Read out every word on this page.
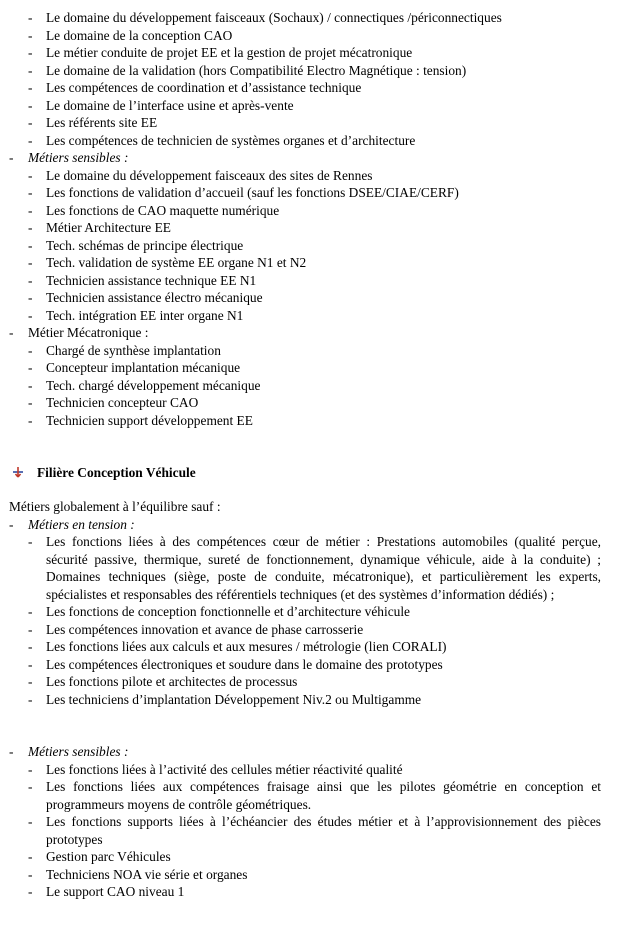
- Le domaine du développement faisceaux (Sochaux) / connectiques /périconnectiques
- Le domaine de la conception CAO
- Le métier conduite de projet EE et la gestion de projet mécatronique
- Le domaine de la validation (hors Compatibilité Electro Magnétique : tension)
- Les compétences de coordination et d’assistance technique
- Le domaine de l’interface usine et après-vente
- Les référents site EE
- Les compétences de technicien de systèmes organes et d’architecture
- Métiers sensibles :
- Le domaine du développement faisceaux des sites de Rennes
- Les fonctions de validation d’accueil (sauf les fonctions DSEE/CIAE/CERF)
- Les fonctions de CAO maquette numérique
- Métier Architecture EE
- Tech. schémas de principe électrique
- Tech. validation de système EE organe N1 et N2
- Technicien assistance technique EE N1
- Technicien assistance électro mécanique
- Tech. intégration EE inter organe N1
- Métier Mécatronique :
- Chargé de synthèse implantation
- Concepteur implantation mécanique
- Tech. chargé développement mécanique
- Technicien concepteur CAO
- Technicien support développement EE
Filière Conception Véhicule
Métiers globalement à l’équilibre sauf :
- Métiers en tension :
- Les fonctions liées à des compétences cœur de métier : Prestations automobiles (qualité perçue, sécurité passive, thermique, sureté de fonctionnement, dynamique véhicule, aide à la conduite) ; Domaines techniques (siège, poste de conduite, mécatronique), et particulièrement les experts, spécialistes et responsables des référentiels techniques (et des systèmes d’information dédiés) ;
- Les fonctions de conception fonctionnelle et d’architecture véhicule
- Les compétences innovation et avance de phase carrosserie
- Les fonctions liées aux calculs et aux mesures / métrologie (lien CORALI)
- Les compétences électroniques et soudure dans le domaine des prototypes
- Les fonctions pilote et architectes de processus
- Les techniciens d’implantation Développement Niv.2 ou Multigamme
- Métiers sensibles :
- Les fonctions liées à l’activité des cellules métier réactivité qualité
- Les fonctions liées aux compétences fraisage ainsi que les pilotes géométrie en conception et programmeurs moyens de contrôle géométriques.
- Les fonctions supports liées à l’échéancier des études métier et à l’approvisionnement des pièces prototypes
- Gestion parc Véhicules
- Techniciens NOA vie série et organes
- Le support CAO niveau 1
